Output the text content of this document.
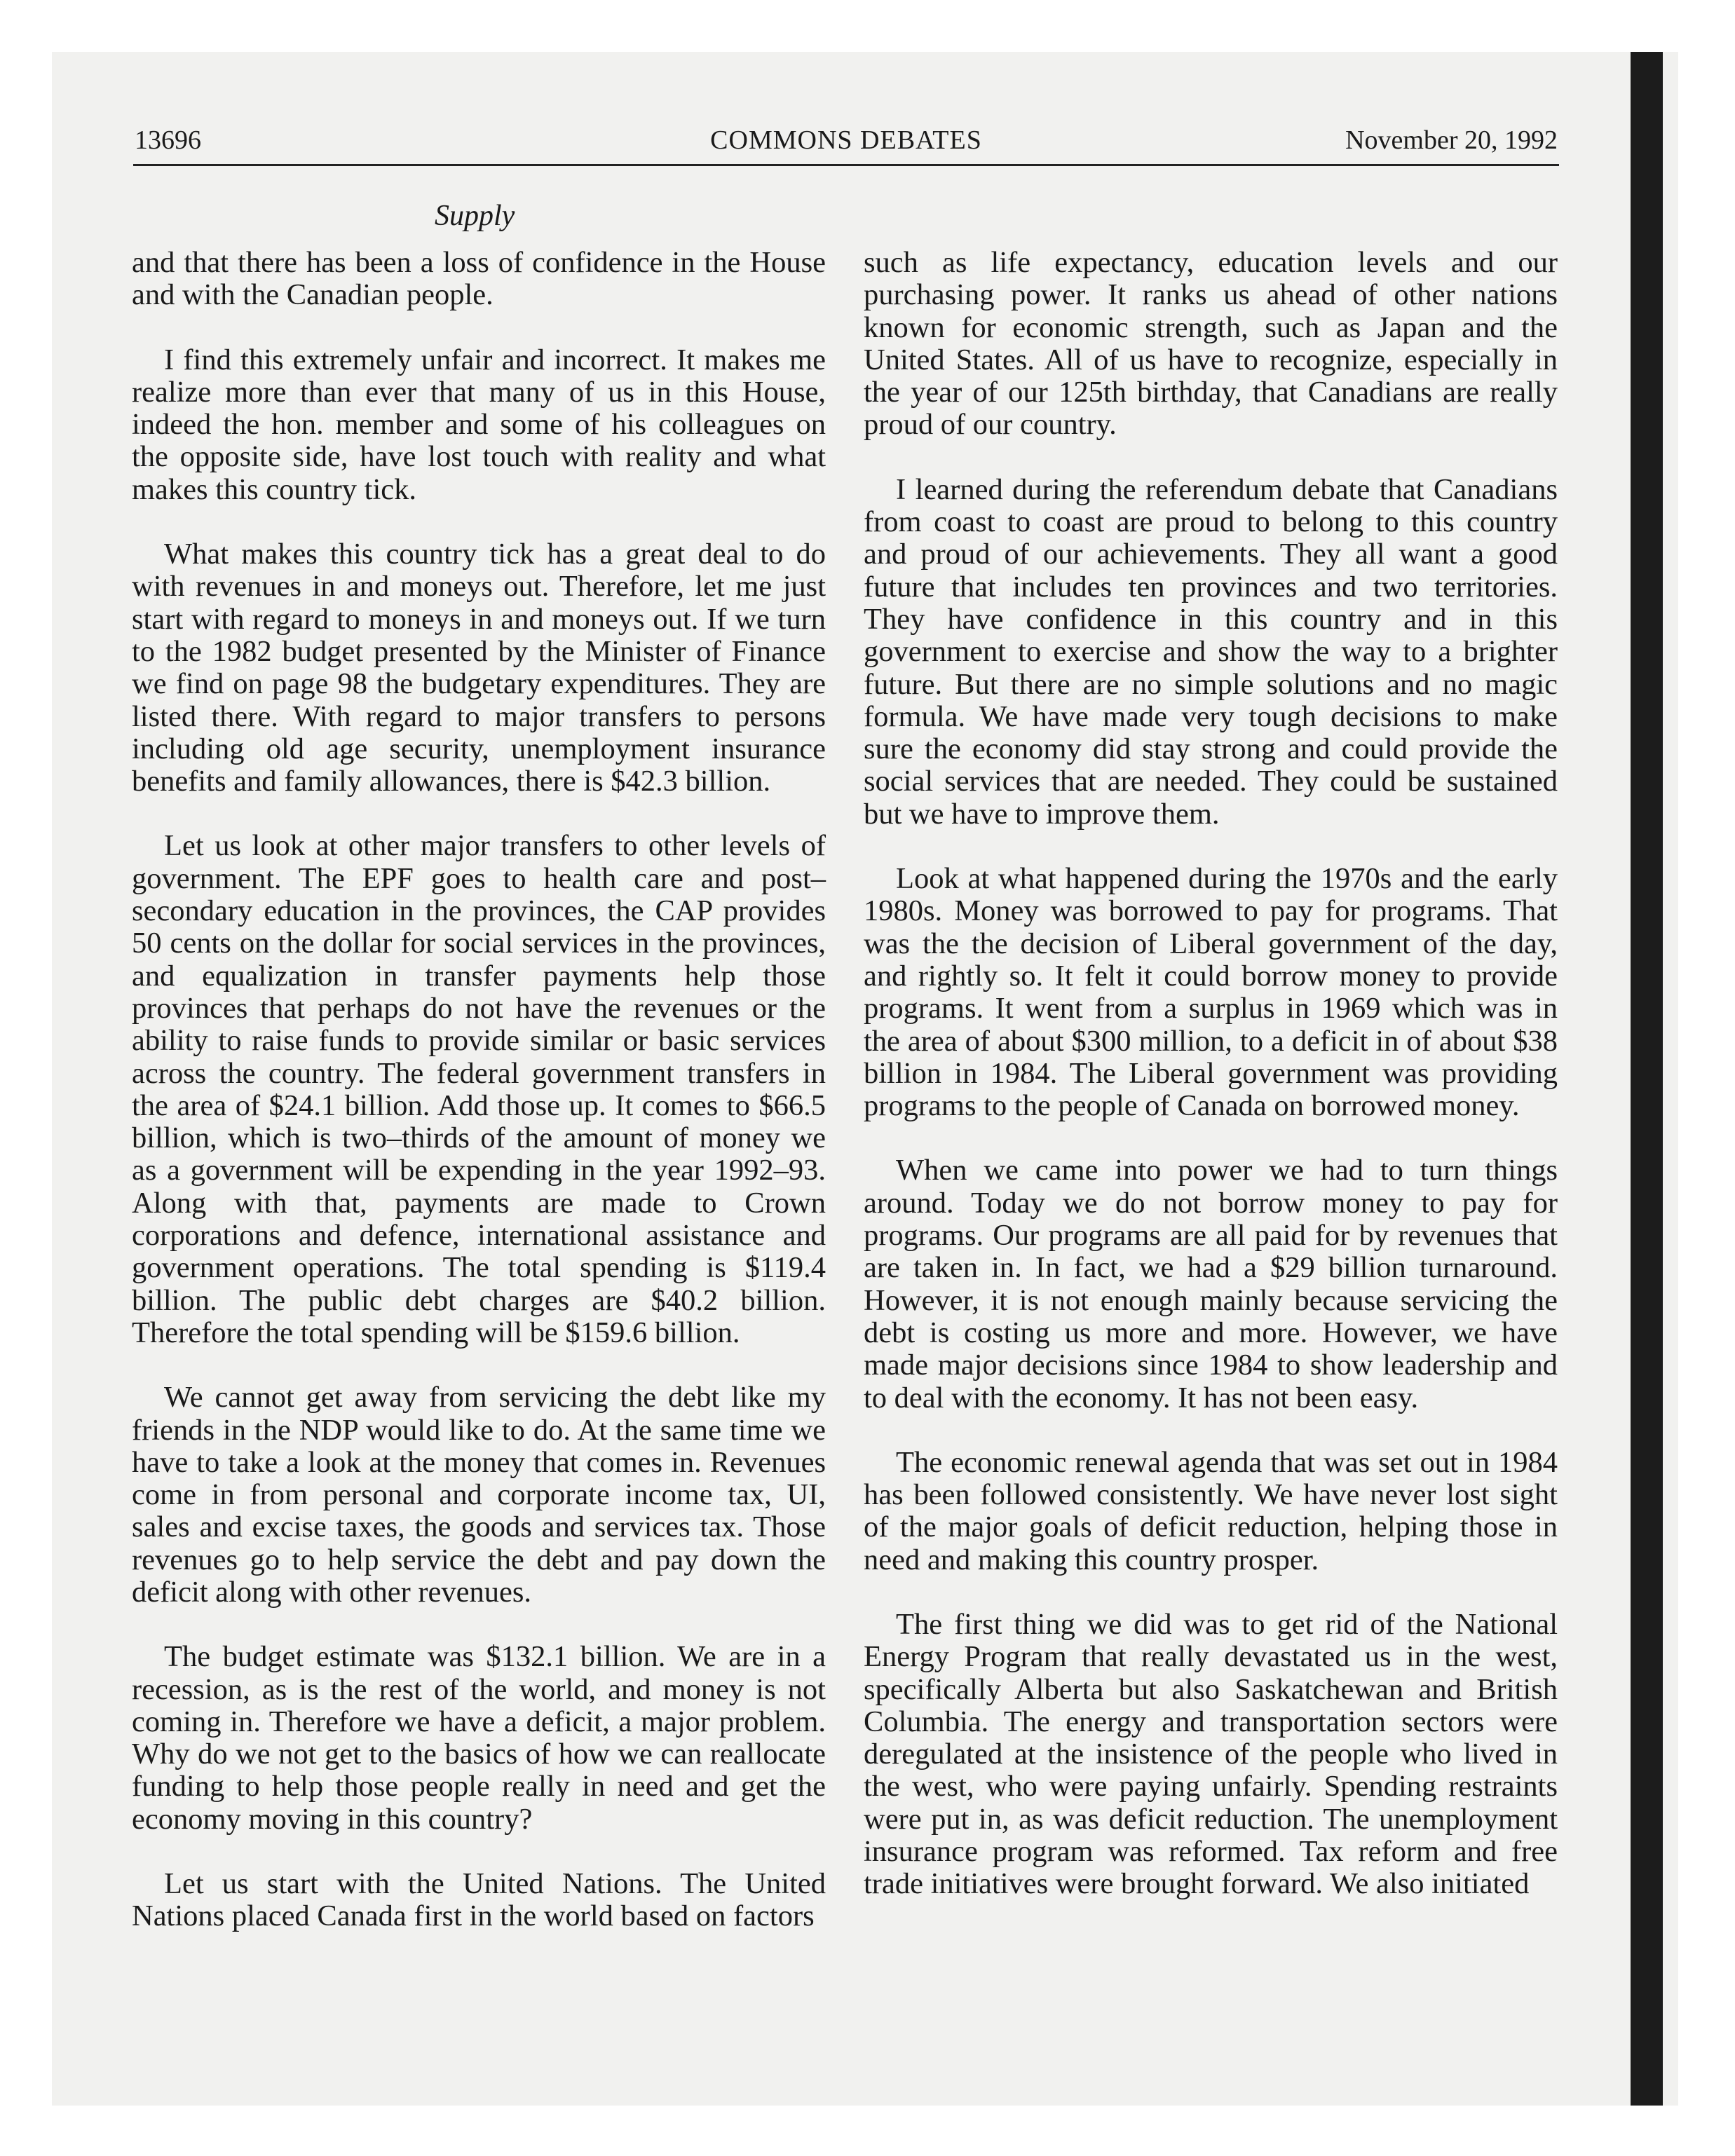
13696	COMMONS DEBATES	November 20, 1992
Supply

and that there has been a loss of confidence in the House and with the Canadian people.

I find this extremely unfair and incorrect. It makes me realize more than ever that many of us in this House, indeed the hon. member and some of his colleagues on the opposite side, have lost touch with reality and what makes this country tick.

What makes this country tick has a great deal to do with revenues in and moneys out. Therefore, let me just start with regard to moneys in and moneys out. If we turn to the 1982 budget presented by the Minister of Finance we find on page 98 the budgetary expenditures. They are listed there. With regard to major transfers to persons including old age security, unemployment insurance benefits and family allowances, there is $42.3 billion.

Let us look at other major transfers to other levels of government. The EPF goes to health care and post–secondary education in the provinces, the CAP provides 50 cents on the dollar for social services in the provinces, and equalization in transfer payments help those provinces that perhaps do not have the revenues or the ability to raise funds to provide similar or basic services across the country. The federal government transfers in the area of $24.1 billion. Add those up. It comes to $66.5 billion, which is two–thirds of the amount of money we as a government will be expending in the year 1992–93. Along with that, payments are made to Crown corporations and defence, international assistance and government operations. The total spending is $119.4 billion. The public debt charges are $40.2 billion. Therefore the total spending will be $159.6 billion.

We cannot get away from servicing the debt like my friends in the NDP would like to do. At the same time we have to take a look at the money that comes in. Revenues come in from personal and corporate income tax, UI, sales and excise taxes, the goods and services tax. Those revenues go to help service the debt and pay down the deficit along with other revenues.

The budget estimate was $132.1 billion. We are in a recession, as is the rest of the world, and money is not coming in. Therefore we have a deficit, a major problem. Why do we not get to the basics of how we can reallocate funding to help those people really in need and get the economy moving in this country?

Let us start with the United Nations. The United Nations placed Canada first in the world based on factors

such as life expectancy, education levels and our purchasing power. It ranks us ahead of other nations known for economic strength, such as Japan and the United States. All of us have to recognize, especially in the year of our 125th birthday, that Canadians are really proud of our country.

I learned during the referendum debate that Canadians from coast to coast are proud to belong to this country and proud of our achievements. They all want a good future that includes ten provinces and two territories. They have confidence in this country and in this government to exercise and show the way to a brighter future. But there are no simple solutions and no magic formula. We have made very tough decisions to make sure the economy did stay strong and could provide the social services that are needed. They could be sustained but we have to improve them.

Look at what happened during the 1970s and the early 1980s. Money was borrowed to pay for programs. That was the the decision of Liberal government of the day, and rightly so. It felt it could borrow money to provide programs. It went from a surplus in 1969 which was in the area of about $300 million, to a deficit in of about $38 billion in 1984. The Liberal government was providing programs to the people of Canada on borrowed money.

When we came into power we had to turn things around. Today we do not borrow money to pay for programs. Our programs are all paid for by revenues that are taken in. In fact, we had a $29 billion turnaround. However, it is not enough mainly because servicing the debt is costing us more and more. However, we have made major decisions since 1984 to show leadership and to deal with the economy. It has not been easy.

The economic renewal agenda that was set out in 1984 has been followed consistently. We have never lost sight of the major goals of deficit reduction, helping those in need and making this country prosper.

The first thing we did was to get rid of the National Energy Program that really devastated us in the west, specifically Alberta but also Saskatchewan and British Columbia. The energy and transportation sectors were deregulated at the insistence of the people who lived in the west, who were paying unfairly. Spending restraints were put in, as was deficit reduction. The unemployment insurance program was reformed. Tax reform and free trade initiatives were brought forward. We also initiated
